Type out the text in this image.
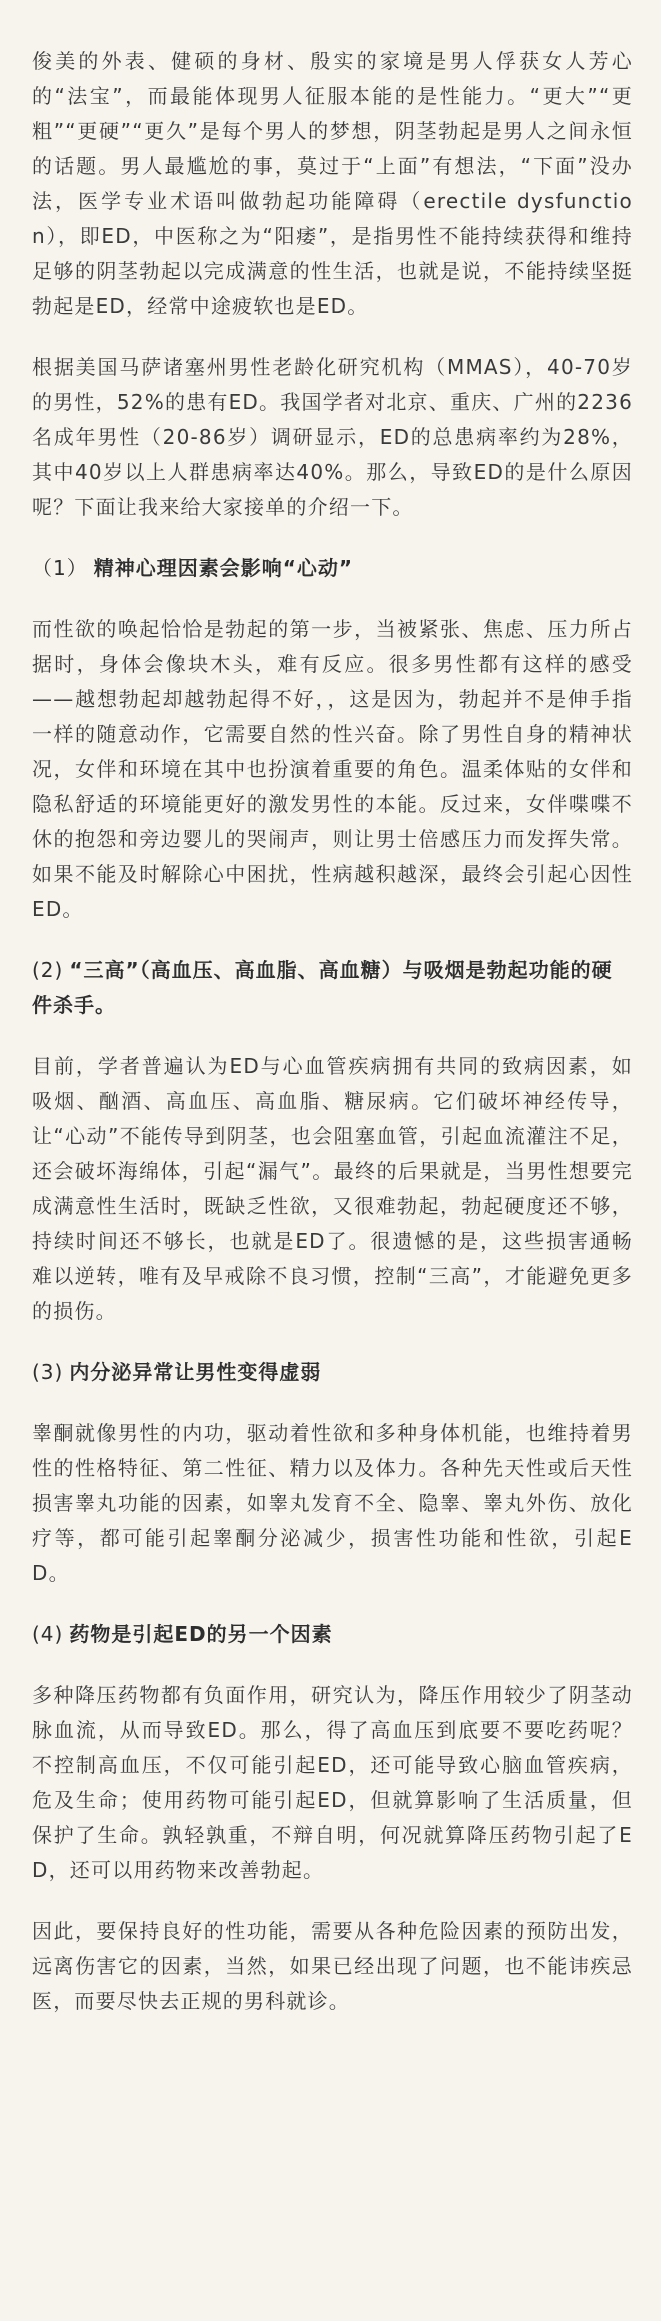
俊美的外表、健硕的身材、殷实的家境是男人俘获女人芳心的“法宝”，而最能体现男人征服本能的是性能力。“更大”“更粗”“更硬”“更久”是每个男人的梦想，阴茎勃起是男人之间永恒的话题。男人最尴尬的事，莫过于“上面”有想法，“下面”没办法，医学专业术语叫做勃起功能障碍（erectile dysfunction），即ED，中医称之为“阳痿”，是指男性不能持续获得和维持足够的阴茎勃起以完成满意的性生活，也就是说，不能持续坚挺勃起是ED，经常中途疲软也是ED。

根据美国马萨诸塞州男性老龄化研究机构（MMAS），40-70岁的男性，52%的患有ED。我国学者对北京、重庆、广州的2236名成年男性（20-86岁）调研显示，ED的总患病率约为28%，其中40岁以上人群患病率达40%。那么，导致ED的是什么原因呢？下面让我来给大家接单的介绍一下。

（1） 精神心理因素会影响“心动”

而性欲的唤起恰恰是勃起的第一步，当被紧张、焦虑、压力所占据时，身体会像块木头，难有反应。很多男性都有这样的感受——越想勃起却越勃起得不好，，这是因为，勃起并不是伸手指一样的随意动作，它需要自然的性兴奋。除了男性自身的精神状况，女伴和环境在其中也扮演着重要的角色。温柔体贴的女伴和隐私舒适的环境能更好的激发男性的本能。反过来，女伴喋喋不休的抱怨和旁边婴儿的哭闹声，则让男士倍感压力而发挥失常。如果不能及时解除心中困扰，性病越积越深，最终会引起心因性ED。

(2) “三高”（高血压、高血脂、高血糖）与吸烟是勃起功能的硬件杀手。

目前，学者普遍认为ED与心血管疾病拥有共同的致病因素，如吸烟、酗酒、高血压、高血脂、糖尿病。它们破坏神经传导，让“心动”不能传导到阴茎，也会阻塞血管，引起血流灌注不足，还会破坏海绵体，引起“漏气”。最终的后果就是，当男性想要完成满意性生活时，既缺乏性欲，又很难勃起，勃起硬度还不够，持续时间还不够长，也就是ED了。很遗憾的是，这些损害通畅难以逆转，唯有及早戒除不良习惯，控制“三高”，才能避免更多的损伤。

(3) 内分泌异常让男性变得虚弱

睾酮就像男性的内功，驱动着性欲和多种身体机能，也维持着男性的性格特征、第二性征、精力以及体力。各种先天性或后天性损害睾丸功能的因素，如睾丸发育不全、隐睾、睾丸外伤、放化疗等，都可能引起睾酮分泌减少，损害性功能和性欲，引起ED。

(4) 药物是引起ED的另一个因素

多种降压药物都有负面作用，研究认为，降压作用较少了阴茎动脉血流，从而导致ED。那么，得了高血压到底要不要吃药呢？不控制高血压，不仅可能引起ED，还可能导致心脑血管疾病，危及生命；使用药物可能引起ED，但就算影响了生活质量，但保护了生命。孰轻孰重，不辩自明，何况就算降压药物引起了ED，还可以用药物来改善勃起。

因此，要保持良好的性功能，需要从各种危险因素的预防出发，远离伤害它的因素，当然，如果已经出现了问题，也不能讳疾忌医，而要尽快去正规的男科就诊。
